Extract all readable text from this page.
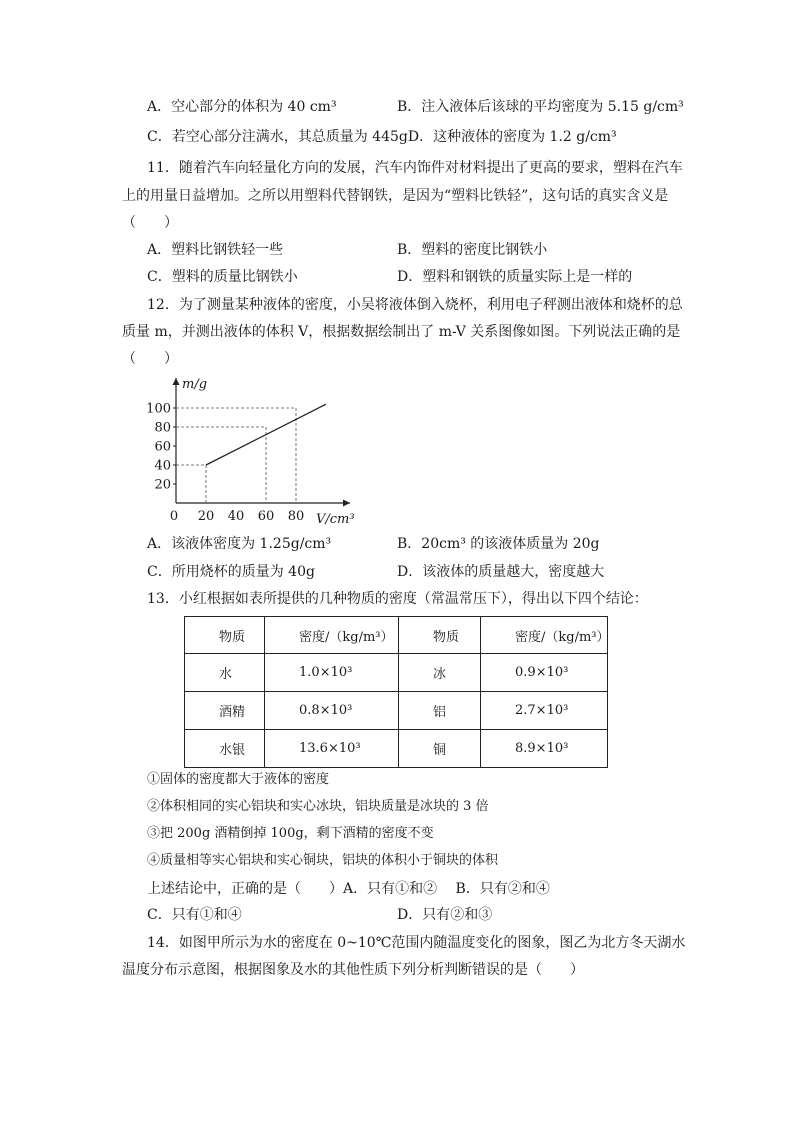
A．空心部分的体积为 40 cm³	B．注入液体后该球的平均密度为 5.15 g/cm³
C．若空心部分注满水，其总质量为 445gD．这种液体的密度为 1.2 g/cm³
11．随着汽车向轻量化方向的发展，汽车内饰件对材料提出了更高的要求，塑料在汽车
上的用量日益增加。之所以用塑料代替钢铁，是因为“塑料比铁轻”，这句话的真实含义是
（　　）
A．塑料比钢铁轻一些	B．塑料的密度比钢铁小
C．塑料的质量比钢铁小	D．塑料和钢铁的质量实际上是一样的
12．为了测量某种液体的密度，小吴将液体倒入烧杯，利用电子秤测出液体和烧杯的总
质量 m，并测出液体的体积 V，根据数据绘制出了 m-V 关系图像如图。下列说法正确的是
（　　）
20
40
60
80
100
20 40 60 80
0
m/g
V/cm³
A．该液体密度为 1.25g/cm³	B．20cm³ 的该液体质量为 20g
C．所用烧杯的质量为 40g	D．该液体的质量越大，密度越大
13．小红根据如表所提供的几种物质的密度（常温常压下），得出以下四个结论：
物质	密度/（kg/m³）	物质	密度/（kg/m³）
水	1.0×10³	冰	0.9×10³
酒精	0.8×10³	铝	2.7×10³
水银	13.6×10³	铜	8.9×10³
①固体的密度都大于液体的密度
②体积相同的实心铝块和实心冰块，铝块质量是冰块的 3 倍
③把 200g 酒精倒掉 100g，剩下酒精的密度不变
④质量相等实心铝块和实心铜块，铝块的体积小于铜块的体积
上述结论中，正确的是（　　）A．只有①和②　 B．只有②和④
C．只有①和④	D．只有②和③
14．如图甲所示为水的密度在 0~10℃范围内随温度变化的图象，图乙为北方冬天湖水
温度分布示意图，根据图象及水的其他性质下列分析判断错误的是（　　）
